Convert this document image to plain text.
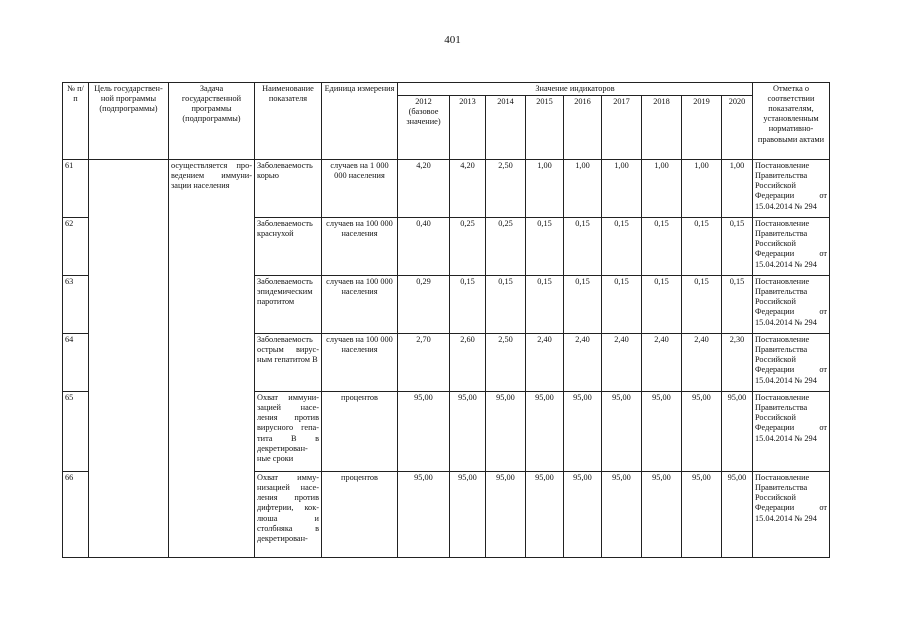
401
№ п/п	Цель государствен-ной программы (подпрограммы)	Задача государственной программы (подпрограммы)	Наименование показателя	Единица измерения	Значение индикаторов									Отметка о соответствии показателям, установленным нормативно-правовыми актами
					2012 (базовое значение)	2013	2014	2015	2016	2017	2018	2019	2020	
61		осуществляется про-ведением иммуни-зации населения	Заболеваемость корью	случаев на 1 000 000 населения	4,20	4,20	2,50	1,00	1,00	1,00	1,00	1,00	1,00	Постановление Правительства Российской Федерации от 15.04.2014 № 294
62			Заболеваемость краснухой	случаев на 100 000 населения	0,40	0,25	0,25	0,15	0,15	0,15	0,15	0,15	0,15	Постановление Правительства Российской Федерации от 15.04.2014 № 294
63			Заболеваемость эпидемическим паротитом	случаев на 100 000 населения	0,29	0,15	0,15	0,15	0,15	0,15	0,15	0,15	0,15	Постановление Правительства Российской Федерации от 15.04.2014 № 294
64			Заболеваемость острым вирус-ным гепатитом В	случаев на 100 000 населения	2,70	2,60	2,50	2,40	2,40	2,40	2,40	2,40	2,30	Постановление Правительства Российской Федерации от 15.04.2014 № 294
65			Охват иммуни-зацией насе-ления против вирусного гепа-тита В в декретирован-ные сроки	процентов	95,00	95,00	95,00	95,00	95,00	95,00	95,00	95,00	95,00	Постановление Правительства Российской Федерации от 15.04.2014 № 294
66			Охват имму-низацией насе-ления против дифтерии, кок-люша и столбняка в декретирован-	процентов	95,00	95,00	95,00	95,00	95,00	95,00	95,00	95,00	95,00	Постановление Правительства Российской Федерации от 15.04.2014 № 294
